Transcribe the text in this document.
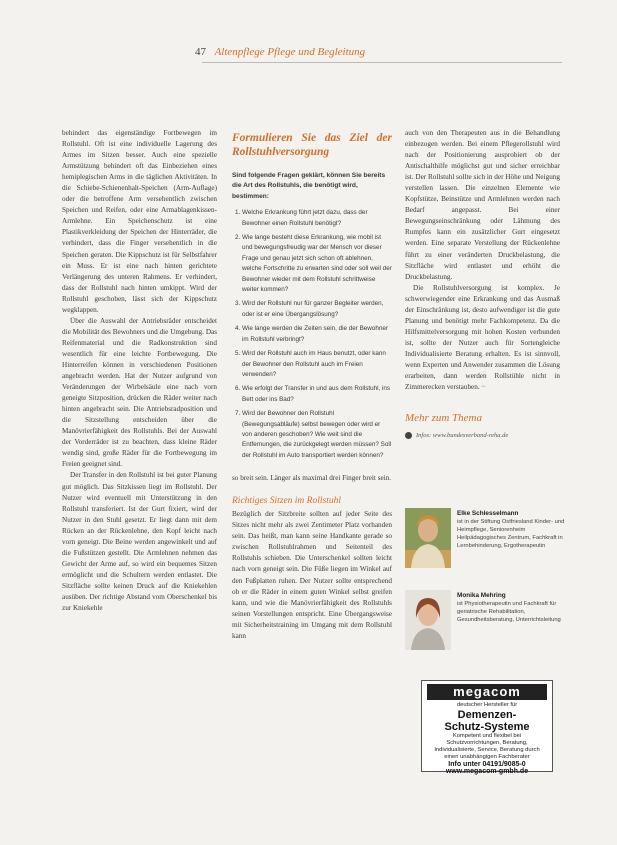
47 Altenpflege Pflege und Begleitung

behindert das eigenständige Fortbewegen im Rollstuhl. Oft ist eine individuelle Lagerung des Armes im Sitzen besser. Auch eine spezielle Armstützung behindert oft das Einbeziehen eines hemiplegischen Arms in die täglichen Aktivitäten. In die Schiebe-Schienenhalt-Speichen (Arm-Auflage) oder die betroffene Arm versehentlich zwischen Speichen und Reifen, oder eine Armablagenkissen-Armlehne. Ein Speichenschutz ist eine Plastikverkleidung der Speichen der Hinterräder, die verhindert, dass die Finger versehentlich in die Speichen geraten. Die Kippschutz ist für Selbstfahrer ein Muss. Er ist eine nach hinten gerichtete Verlängerung des unteren Rahmens. Er verhindert, dass der Rollstuhl nach hinten umkippt. Wird der Rollstuhl geschoben, lässt sich der Kippschutz wegklappen.

Über die Auswahl der Antriebsräder entscheidet die Mobilität des Bewohners und die Umgebung. Das Reifenmaterial und die Radkonstruktion sind wesentlich für eine leichte Fortbewegung. Die Hinterreifen können in verschiedenen Positionen angebracht werden. Hat der Nutzer aufgrund von Veränderungen der Wirbelsäule eine nach vorn geneigte Sitzposition, drücken die Räder weiter nach hinten angebracht sein. Die Antriebsradposition und die Sitzstellung entscheiden über die Manövrierfähigkeit des Rollstuhls. Bei der Auswahl der Vorderräder ist zu beachten, dass kleine Räder wendig sind, große Räder für die Fortbewegung im Freien geeignet sind.

Der Transfer in den Rollstuhl ist bei guter Planung gut möglich. Das Sitzkissen liegt im Rollstuhl. Der Nutzer wird eventuell mit Unterstützung in den Rollstuhl transferiert. Ist der Gurt fixiert, wird der Nutzer in den Stuhl gesetzt. Er liegt dann mit dem Rücken an der Rückenlehne, den Kopf leicht nach vorn geneigt. Die Beine werden angewinkelt und auf die Fußstützen gestellt. Die Armlehnen nehmen das Gewicht der Arme auf, so wird ein bequemes Sitzen ermöglicht und die Schultern werden entlastet. Die Sitzfläche sollte keinen Druck auf die Kniekehlen ausüben. Der richtige Abstand vom Oberschenkel bis zur Kniekehle

Formulieren Sie das Ziel der Rollstuhlversorgung
Sind folgende Fragen geklärt, können Sie bereits die Art des Rollstuhls, die benötigt wird, bestimmen:
1. Welche Erkrankung führt jetzt dazu, dass der Bewohner einen Rollstuhl benötigt?
2. Wie lange besteht diese Erkrankung, wie mobil ist und bewegungsfreudig war der Mensch vor dieser Frage und genau jetzt sich schon oft ablehnen, welche Fortschritte zu erwarten sind oder soll weil der Bewohner wieder mit dem Rollstuhl schrittweise weiter kommen?
3. Wird der Rollstuhl nur für ganzer Begleiter werden, oder ist er eine Übergangslösung?
4. Wie lange werden die Zeiten sein, die der Bewohner im Rollstuhl verbringt?
5. Wird der Rollstuhl auch im Haus benutzt, oder kann der Bewohner den Rollstuhl auch im Freien verwenden?
6. Wie erfolgt der Transfer in und aus dem Rollstuhl, ins Bett oder ins Bad?
7. Wird der Bewohner den Rollstuhl (Bewegungsabläufe) selbst bewegen oder wird er von anderen geschoben? Wie weit sind die Entfernungen, die zurückgelegt werden müssen? Soll der Rollstuhl im Auto transportiert werden können?

so breit sein. Länger als maximal drei Finger breit sein.

Richtiges Sitzen im Rollstuhl

Bezüglich der Sitzbreite sollten auf jeder Seite des Sitzes nicht mehr als zwei Zentimeter Platz vorhanden sein. Das heißt, man kann seine Handkante gerade so zwischen Rollstuhlrahmen und Seitenteil des Rollstuhls schieben. Die Unterschenkel sollten leicht nach vorn geneigt sein. Die Füße liegen im Winkel auf den Fußplatten ruhen. Der Nutzer sollte entsprechend ob er die Räder in einem guten Winkel selbst greifen kann, und wie die Manövrierfähigkeit des Rollstuhls seinen Vorstellungen entspricht. Eine Übergangsweise mit Sicherheitstraining im Umgang mit dem Rollstuhl kann

auch von den Therapeuten aus in die Behandlung einbezogen werden. Bei einem Pflegerollstuhl wird nach der Positionierung ausprobiert ob der Antischalthilfe möglichst gut und sicher erreichbar ist. Der Rollstuhl sollte sich in der Höhe und Neigung verstellen lassen. Die einzelnen Elemente wie Kopfstütze, Beinstütze und Armlehnen werden nach Bedarf angepasst. Bei einer Bewegungseinschränkung oder Lähmung des Rumpfes kann ein zusätzlicher Gurt eingesetzt werden. Eine separate Verstellung der Rückenlehne führt zu einer veränderten Druckbelastung, die Sitzfläche wird entlastet und erhöht die Druckbelastung.

Die Rollstuhlversorgung ist komplex. Je schwerwiegender eine Erkrankung und das Ausmaß der Einschränkung ist, desto aufwendiger ist die gute Planung und benötigt mehr Fachkompetenz. Da die Hilfsmittelversorgung mit hohen Kosten verbunden ist, sollte der Nutzer auch für Sortengleiche Individualisierte Beratung erhalten. Es ist sinnvoll, wenn Experten und Anwender zusammen die Lösung erarbeiten, dann werden Rollstühle nicht in Zimmerecken verstauben. ~

Mehr zum Thema
Infos: www.bundesverband-reha.de
Elke Schlesselmann
ist in der Stiftung Ostfriesland Kinder- und Heimpflege, Seniorenheim Heilpädagogisches Zentrum, Fachkraft in Lernbehinderung, Ergotherapeutin
Monika Mehring
ist Physiotherapeutin und Fachkraft für geriatrische Rehabilitation, Gesundheitsberatung, Unterrichtsleitung
megacom
deutscher Hersteller für
Demenzen-
Schutz-Systeme
Kompetent und flexibel bei Schutzvorrichtungen, Beratung, Individualisierte, Service, Beratung durch einen unabhängigen Fachberater
Info unter 04191/9085-0
www.megacom-gmbh.de
